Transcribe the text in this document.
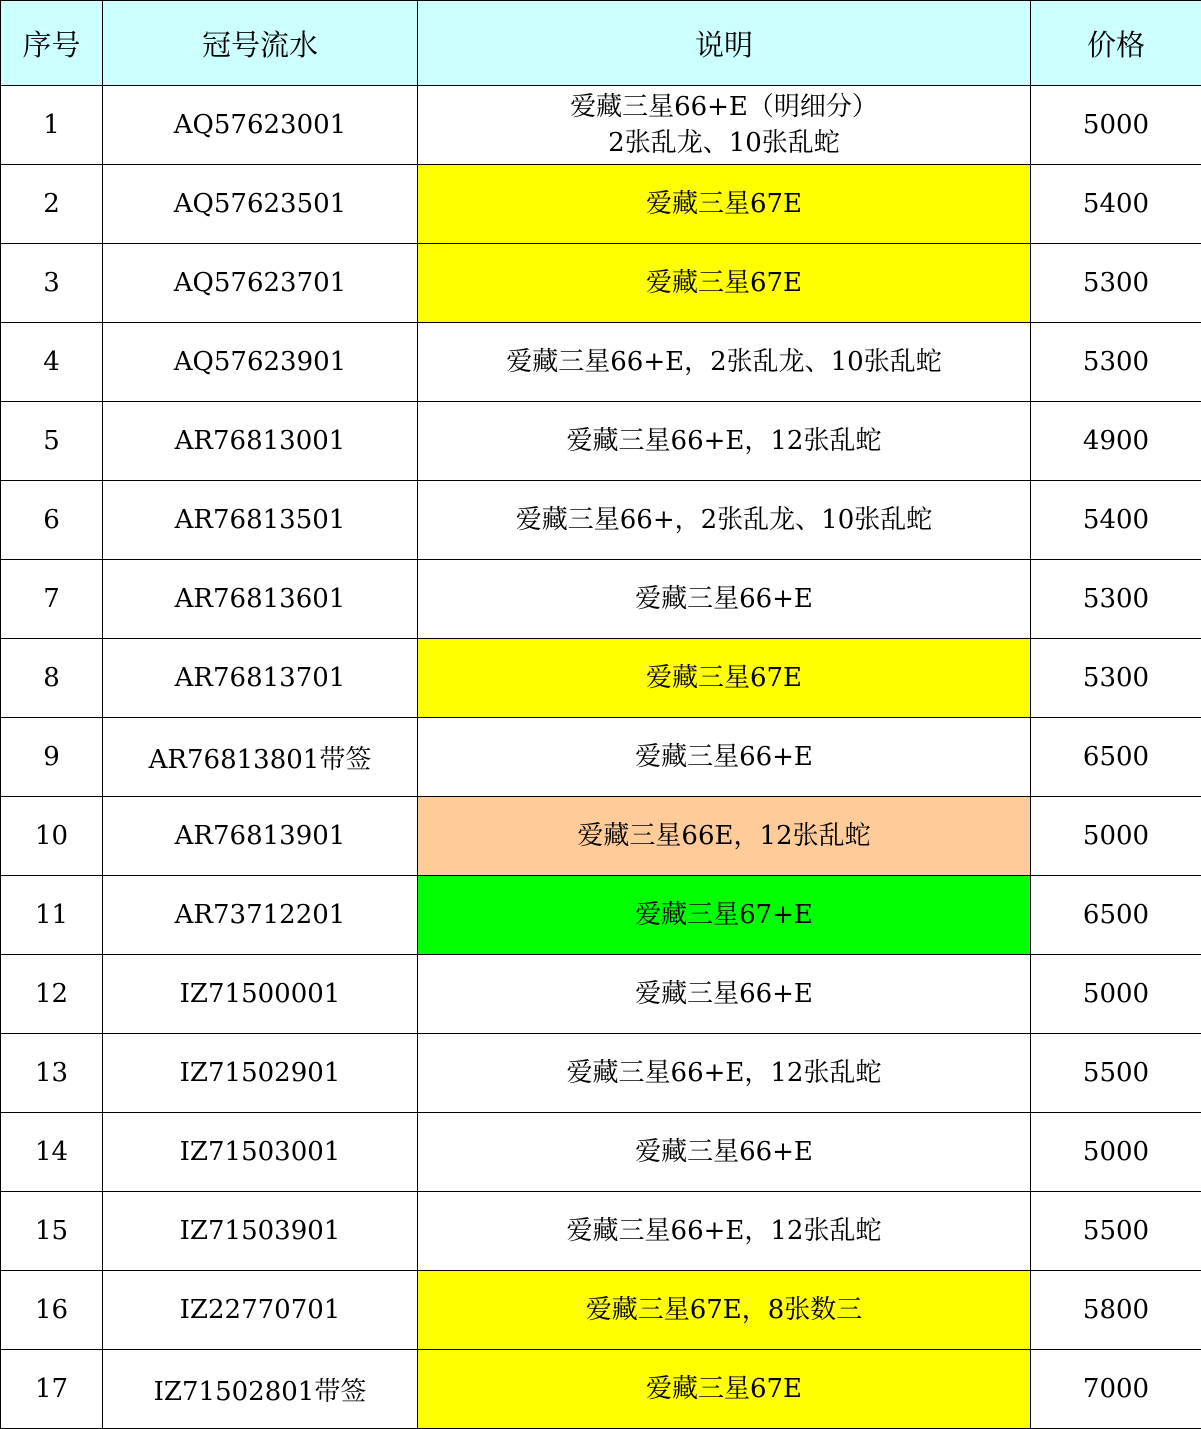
序号	冠号流水	说明	价格
1	AQ57623001	爱藏三星66+E（明细分）
2张乱龙、10张乱蛇	5000
2	AQ57623501	爱藏三星67E	5400
3	AQ57623701	爱藏三星67E	5300
4	AQ57623901	爱藏三星66+E，2张乱龙、10张乱蛇	5300
5	AR76813001	爱藏三星66+E，12张乱蛇	4900
6	AR76813501	爱藏三星66+，2张乱龙、10张乱蛇	5400
7	AR76813601	爱藏三星66+E	5300
8	AR76813701	爱藏三星67E	5300
9	AR76813801带签	爱藏三星66+E	6500
10	AR76813901	爱藏三星66E，12张乱蛇	5000
11	AR73712201	爱藏三星67+E	6500
12	IZ71500001	爱藏三星66+E	5000
13	IZ71502901	爱藏三星66+E，12张乱蛇	5500
14	IZ71503001	爱藏三星66+E	5000
15	IZ71503901	爱藏三星66+E，12张乱蛇	5500
16	IZ22770701	爱藏三星67E，8张数三	5800
17	IZ71502801带签	爱藏三星67E	7000
